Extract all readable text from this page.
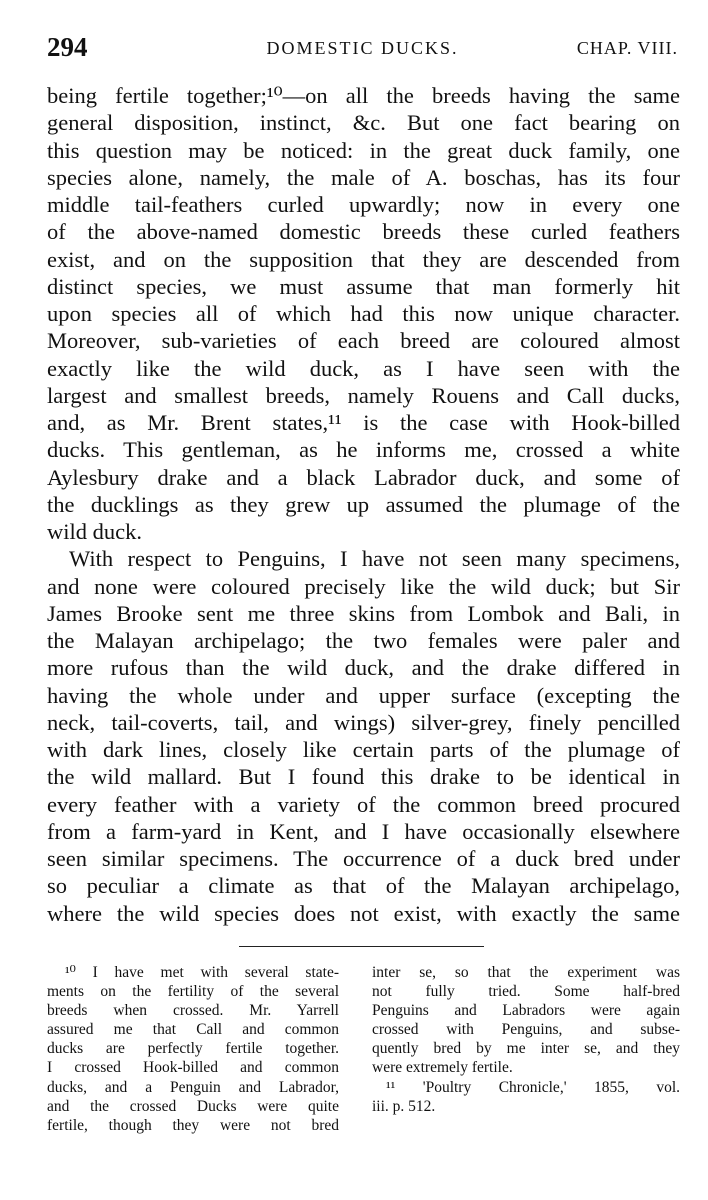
294	DOMESTIC DUCKS.	CHAP. VIII.
being fertile together;¹⁰—on all the breeds having the same
general disposition, instinct, &c. But one fact bearing on
this question may be noticed: in the great duck family, one
species alone, namely, the male of A. boschas, has its four
middle tail-feathers curled upwardly; now in every one
of the above-named domestic breeds these curled feathers
exist, and on the supposition that they are descended from
distinct species, we must assume that man formerly hit
upon species all of which had this now unique character.
Moreover, sub-varieties of each breed are coloured almost
exactly like the wild duck, as I have seen with the
largest and smallest breeds, namely Rouens and Call ducks,
and, as Mr. Brent states,¹¹ is the case with Hook-billed
ducks. This gentleman, as he informs me, crossed a white
Aylesbury drake and a black Labrador duck, and some of
the ducklings as they grew up assumed the plumage of the
wild duck.
With respect to Penguins, I have not seen many specimens,
and none were coloured precisely like the wild duck; but Sir
James Brooke sent me three skins from Lombok and Bali, in
the Malayan archipelago; the two females were paler and
more rufous than the wild duck, and the drake differed in
having the whole under and upper surface (excepting the
neck, tail-coverts, tail, and wings) silver-grey, finely pencilled
with dark lines, closely like certain parts of the plumage of
the wild mallard. But I found this drake to be identical in
every feather with a variety of the common breed procured
from a farm-yard in Kent, and I have occasionally elsewhere
seen similar specimens. The occurrence of a duck bred under
so peculiar a climate as that of the Malayan archipelago,
where the wild species does not exist, with exactly the same
¹⁰ I have met with several state-
ments on the fertility of the several
breeds when crossed. Mr. Yarrell
assured me that Call and common
ducks are perfectly fertile together.
I crossed Hook-billed and common
ducks, and a Penguin and Labrador,
and the crossed Ducks were quite
fertile, though they were not bred
inter se, so that the experiment was
not fully tried. Some half-bred
Penguins and Labradors were again
crossed with Penguins, and subse-
quently bred by me inter se, and they
were extremely fertile.
¹¹ 'Poultry Chronicle,' 1855, vol.
iii. p. 512.
